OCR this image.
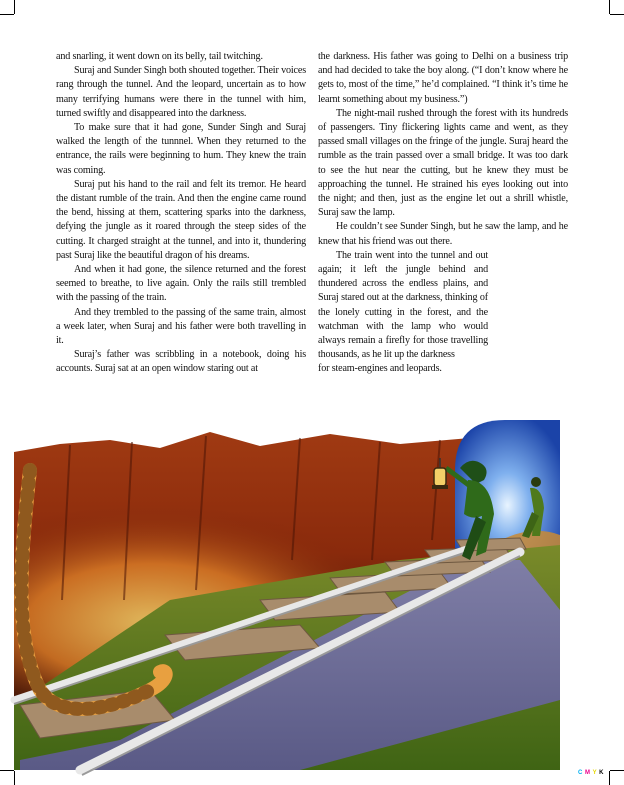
and snarling, it went down on its belly, tail twitching.

Suraj and Sunder Singh both shouted together. Their voices rang through the tunnel. And the leopard, uncertain as to how many terrifying humans were there in the tunnel with him, turned swiftly and disappeared into the darkness.

To make sure that it had gone, Sunder Singh and Suraj walked the length of the tunnnel. When they returned to the entrance, the rails were beginning to hum. They knew the train was coming.

Suraj put his hand to the rail and felt its tremor. He heard the distant rumble of the train. And then the engine came round the bend, hissing at them, scattering sparks into the darkness, defying the jungle as it roared through the steep sides of the cutting. It charged straight at the tunnel, and into it, thundering past Suraj like the beautiful dragon of his dreams.

And when it had gone, the silence returned and the forest seemed to breathe, to live again. Only the rails still trembled with the passing of the train.

And they trembled to the passing of the same train, almost a week later, when Suraj and his father were both travelling in it.

Suraj’s father was scribbling in a notebook, doing his accounts. Suraj sat at an open window staring out at

the darkness. His father was going to Delhi on a business trip and had decided to take the boy along. (“I don’t know where he gets to, most of the time,” he’d complained. “I think it’s time he learnt something about my business.”)

The night-mail rushed through the forest with its hundreds of passengers. Tiny flickering lights came and went, as they passed small villages on the fringe of the jungle. Suraj heard the rumble as the train passed over a small bridge. It was too dark to see the hut near the cutting, but he knew they must be approaching the tunnel. He strained his eyes looking out into the night; and then, just as the engine let out a shrill whistle, Suraj saw the lamp.

He couldn’t see Sunder Singh, but he saw the lamp, and he knew that his friend was out there.

The train went into the tunnel and out again; it left the jungle behind and thundered across the endless plains, and Suraj stared out at the darkness, thinking of the lonely cutting in the forest, and the watchman with the lamp who would always remain a firefly for those travelling thousands, as he lit up the darkness

for steam-engines and leopards.

C M Y K
